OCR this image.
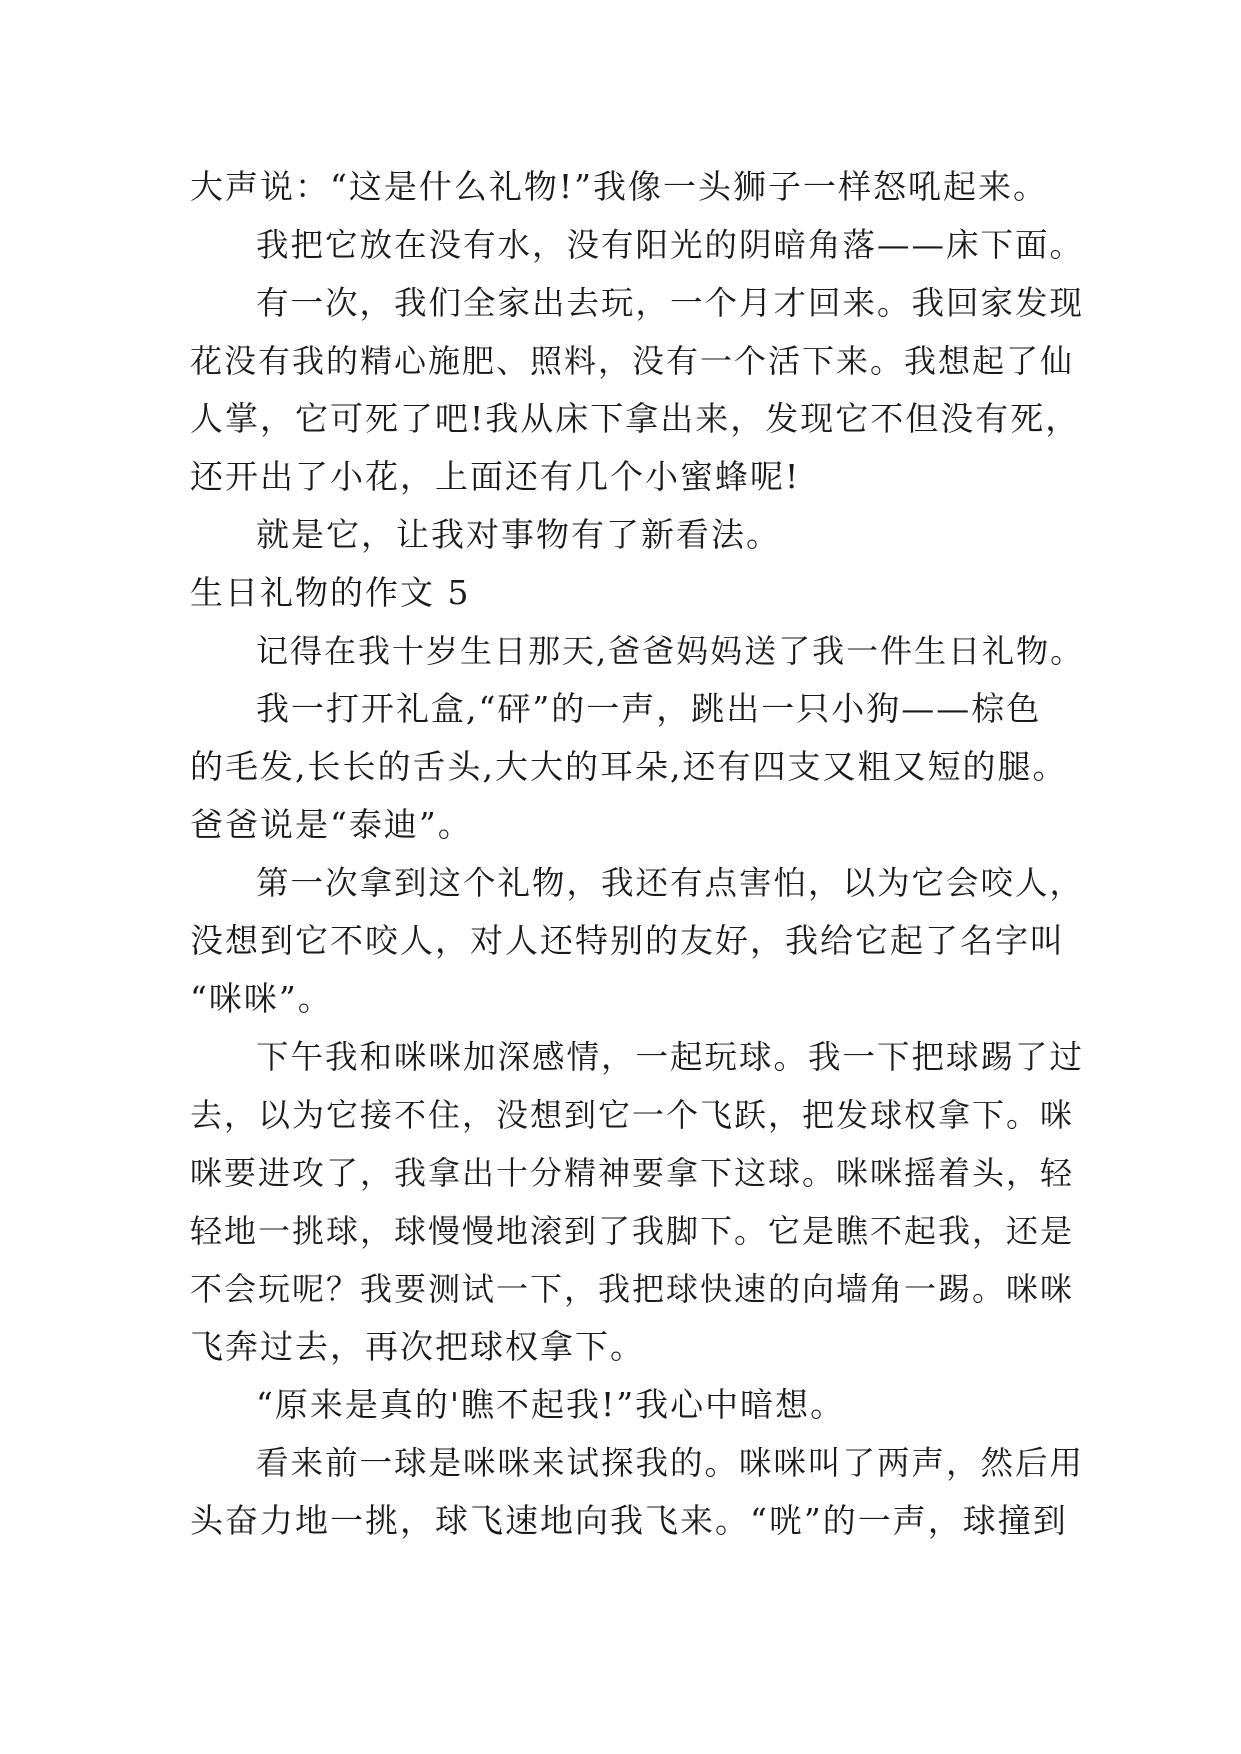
大声说：“这是什么礼物!”我像一头狮子一样怒吼起来。
我把它放在没有水，没有阳光的阴暗角落——床下面。
有一次，我们全家出去玩，一个月才回来。我回家发现
花没有我的精心施肥、照料，没有一个活下来。我想起了仙
人掌，它可死了吧!我从床下拿出来，发现它不但没有死，
还开出了小花，上面还有几个小蜜蜂呢!
就是它，让我对事物有了新看法。
生日礼物的作文 5
记得在我十岁生日那天,爸爸妈妈送了我一件生日礼物。
我一打开礼盒,“砰”的一声，跳出一只小狗——棕色
的毛发,长长的舌头,大大的耳朵,还有四支又粗又短的腿。
爸爸说是“泰迪”。
第一次拿到这个礼物，我还有点害怕，以为它会咬人，
没想到它不咬人，对人还特别的友好，我给它起了名字叫
“咪咪”。
下午我和咪咪加深感情，一起玩球。我一下把球踢了过
去，以为它接不住，没想到它一个飞跃，把发球权拿下。咪
咪要进攻了，我拿出十分精神要拿下这球。咪咪摇着头，轻
轻地一挑球，球慢慢地滚到了我脚下。它是瞧不起我，还是
不会玩呢？我要测试一下，我把球快速的向墙角一踢。咪咪
飞奔过去，再次把球权拿下。
“原来是真的'瞧不起我!”我心中暗想。
看来前一球是咪咪来试探我的。咪咪叫了两声，然后用
头奋力地一挑，球飞速地向我飞来。“咣”的一声，球撞到
